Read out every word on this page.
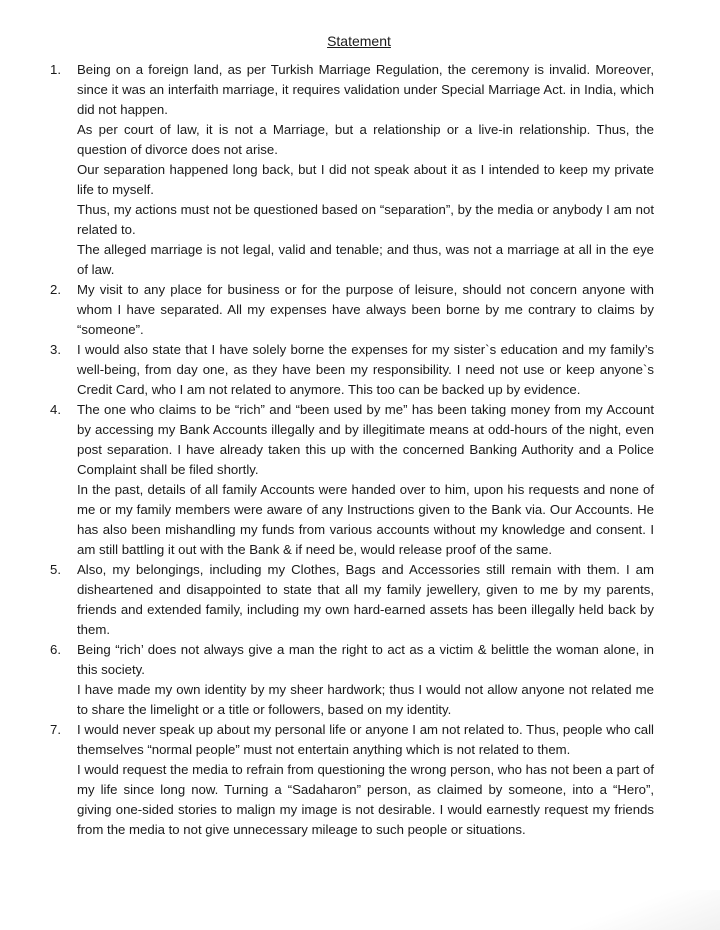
Statement
1. Being on a foreign land, as per Turkish Marriage Regulation, the ceremony is invalid. Moreover, since it was an interfaith marriage, it requires validation under Special Marriage Act. in India, which did not happen.

As per court of law, it is not a Marriage, but a relationship or a live-in relationship. Thus, the question of divorce does not arise.

Our separation happened long back, but I did not speak about it as I intended to keep my private life to myself.

Thus, my actions must not be questioned based on “separation”, by the media or anybody I am not related to.

The alleged marriage is not legal, valid and tenable; and thus, was not a marriage at all in the eye of law.

2. My visit to any place for business or for the purpose of leisure, should not concern anyone with whom I have separated. All my expenses have always been borne by me contrary to claims by “someone”.

3. I would also state that I have solely borne the expenses for my sister`s education and my family’s well-being, from day one, as they have been my responsibility. I need not use or keep anyone`s Credit Card, who I am not related to anymore. This too can be backed up by evidence.

4. The one who claims to be “rich” and “been used by me” has been taking money from my Account by accessing my Bank Accounts illegally and by illegitimate means at odd-hours of the night, even post separation. I have already taken this up with the concerned Banking Authority and a Police Complaint shall be filed shortly.

In the past, details of all family Accounts were handed over to him, upon his requests and none of me or my family members were aware of any Instructions given to the Bank via. Our Accounts. He has also been mishandling my funds from various accounts without my knowledge and consent. I am still battling it out with the Bank & if need be, would release proof of the same.

5. Also, my belongings, including my Clothes, Bags and Accessories still remain with them. I am disheartened and disappointed to state that all my family jewellery, given to me by my parents, friends and extended family, including my own hard-earned assets has been illegally held back by them.

6. Being “rich’ does not always give a man the right to act as a victim & belittle the woman alone, in this society.

I have made my own identity by my sheer hardwork; thus I would not allow anyone not related me to share the limelight or a title or followers, based on my identity.

7. I would never speak up about my personal life or anyone I am not related to. Thus, people who call themselves “normal people” must not entertain anything which is not related to them.

I would request the media to refrain from questioning the wrong person, who has not been a part of my life since long now. Turning a “Sadaharon” person, as claimed by someone, into a “Hero”, giving one-sided stories to malign my image is not desirable. I would earnestly request my friends from the media to not give unnecessary mileage to such people or situations.
